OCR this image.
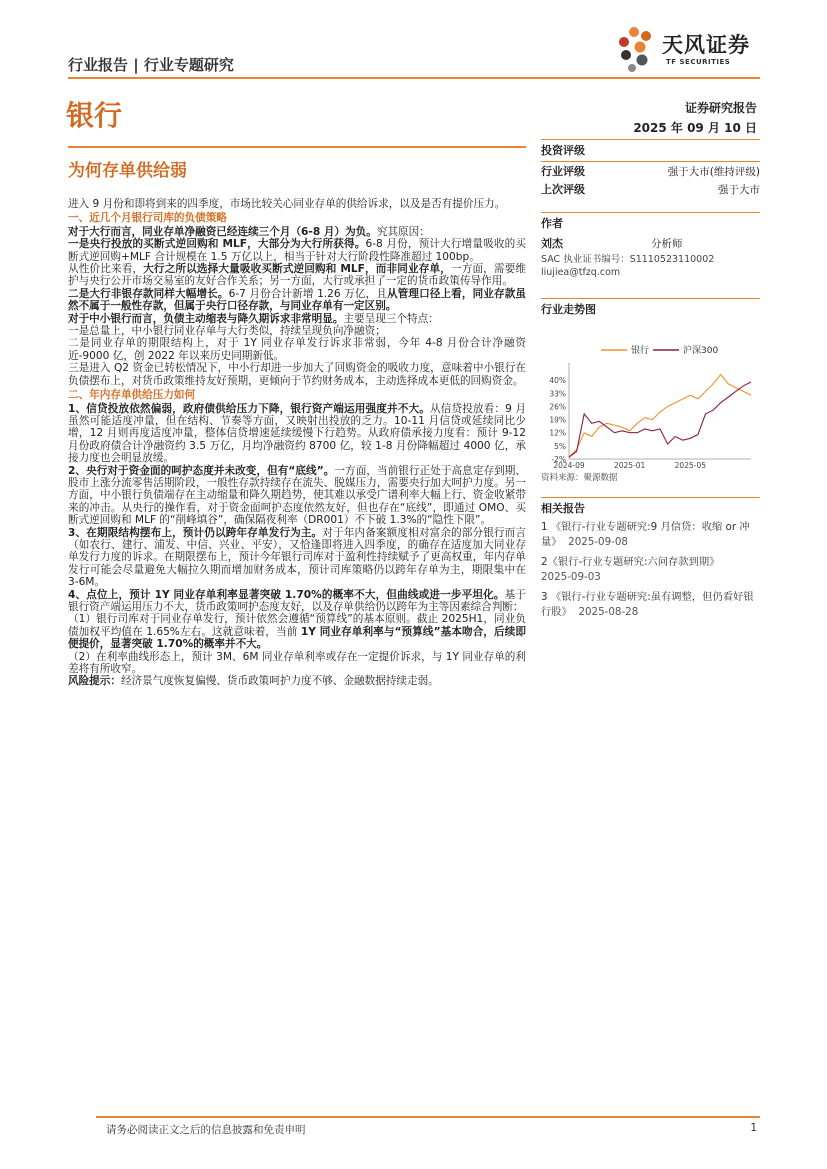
行业报告 | 行业专题研究
天风证券
TF SECURITIES
银行	证券研究报告
2025 年 09 月 10 日
为何存单供给弱

进入 9 月份和即将到来的四季度，市场比较关心同业存单的供给诉求，以及是否有提价压力。

一、近几个月银行司库的负债策略

对于大行而言，同业存单净融资已经连续三个月（6-8 月）为负。究其原因：

一是央行投放的买断式逆回购和 MLF，大部分为大行所获得。6-8 月份，预计大行增量吸收的买断式逆回购+MLF 合计规模在 1.5 万亿以上，相当于针对大行阶段性降准超过 100bp。

从性价比来看，大行之所以选择大量吸收买断式逆回购和 MLF，而非同业存单，一方面，需要维护与央行公开市场交易室的友好合作关系；另一方面，大行或承担了一定的货币政策传导作用。

二是大行非银存款同样大幅增长。6-7 月份合计新增 1.26 万亿，且从管理口径上看，同业存款虽然不属于一般性存款，但属于央行口径存款，与同业存单有一定区别。

对于中小银行而言，负债主动缩表与降久期诉求非常明显。主要呈现三个特点：

一是总量上，中小银行同业存单与大行类似，持续呈现负向净融资；

二是同业存单的期限结构上，对于 1Y 同业存单发行诉求非常弱，今年 4-8 月份合计净融资近-9000 亿，创 2022 年以来历史同期新低。

三是进入 Q2 资金已转松情况下，中小行却进一步加大了回购资金的吸收力度，意味着中小银行在负债摆布上，对货币政策维持友好预期，更倾向于节约财务成本，主动选择成本更低的回购资金。

二、年内存单供给压力如何

1、信贷投放依然偏弱，政府债供给压力下降，银行资产端运用强度并不大。从信贷投放看：9 月虽然可能适度冲量，但在结构、节奏等方面，又映射出投放的乏力。10-11 月信贷或延续同比少增，12 月则再度适度冲量，整体信贷增速延续缓慢下行趋势。从政府债承接力度看：预计 9-12 月份政府债合计净融资约 3.5 万亿，月均净融资约 8700 亿，较 1-8 月份降幅超过 4000 亿，承接力度也会明显放缓。

2、央行对于资金面的呵护态度并未改变，但有“底线”。一方面，当前银行正处于高息定存到期、股市上涨分流零售活期阶段，一般性存款持续存在流失、脱媒压力，需要央行加大呵护力度。另一方面，中小银行负债端存在主动缩量和降久期趋势，使其难以承受广谱利率大幅上行、资金收紧带来的冲击。从央行的操作看，对于资金面呵护态度依然友好，但也存在“底线”，即通过 OMO、买断式逆回购和 MLF 的“削峰填谷”，确保隔夜利率（DR001）不下破 1.3%的“隐性下限”。

3、在期限结构摆布上，预计仍以跨年存单发行为主。对于年内备案额度相对富余的部分银行而言（如农行、建行、浦发、中信、兴业、平安），又恰逢即将进入四季度，的确存在适度加大同业存单发行力度的诉求。在期限摆布上，预计今年银行司库对于盈利性持续赋予了更高权重，年内存单发行可能会尽量避免大幅拉久期而增加财务成本，预计司库策略仍以跨年存单为主，期限集中在 3-6M。

4、点位上，预计 1Y 同业存单利率显著突破 1.70%的概率不大，但曲线或进一步平坦化。基于银行资产端运用压力不大，货币政策呵护态度友好，以及存单供给仍以跨年为主等因素综合判断：

（1）银行司库对于同业存单发行，预计依然会遵循“预算线”的基本原则。截止 2025H1，同业负债加权平均值在 1.65%左右。这就意味着，当前 1Y 同业存单利率与“预算线”基本吻合，后续即便提价，显著突破 1.70%的概率并不大。

（2）在利率曲线形态上，预计 3M、6M 同业存单利率或存在一定提价诉求，与 1Y 同业存单的利差将有所收窄。

风险提示：经济景气度恢复偏慢、货币政策呵护力度不够、金融数据持续走弱。

投资评级
行业评级	强于大市(维持评级)
上次评级	强于大市
作者
刘杰	分析师
SAC 执业证书编号：S1110523110002
liujiea@tfzq.com
行业走势图
银行	沪深300
-2%
5%
12%
19%
26%
33%
40%
2024-09	2025-01	2025-05
资料来源：聚源数据
相关报告
1 《银行-行业专题研究:9 月信贷：收缩 or 冲量》 2025-09-08
2《银行-行业专题研究:六问存款到期》
2025-09-03
3 《银行-行业专题研究:虽有调整，但仍看好银行股》 2025-08-28
请务必阅读正文之后的信息披露和免责申明	1
